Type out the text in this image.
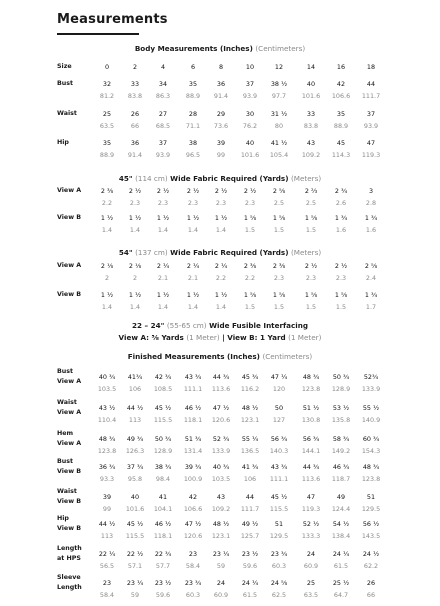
Measurements
Body Measurements (Inches) (Centimeters)
45" (114 cm) Wide Fabric Required (Yards) (Meters)
54" (137 cm) Wide Fabric Required (Yards) (Meters)
22 – 24" (55-65 cm) Wide Fusible Interfacing
View A: ⅝ Yards (1 Meter) | View B: 1 Yard (1 Meter)
Finished Measurements (Inches) (Centimeters)
Size	0	2	4	6	8	10	12	14	16	18
Bust	32	33	34	35	36	37	38 ½	40	42	44
81.2	83.8	86.3	88.9	91.4	93.9	97.7	101.6	106.6	111.7
Waist	25	26	27	28	29	30	31 ½	33	35	37
63.5	66	68.5	71.1	73.6	76.2	80	83.8	88.9	93.9
Hip	35	36	37	38	39	40	41 ½	43	45	47
88.9	91.4	93.9	96.5	99	101.6	105.4	109.2	114.3	119.3
View A	2 ⅜	2 ½	2 ½	2 ½	2 ½	2 ½	2 ⅝	2 ⅔	2 ¾	3
2.2	2.3	2.3	2.3	2.3	2.3	2.5	2.5	2.6	2.8
View B	1 ½	1 ½	1 ½	1 ½	1 ½	1 ⅝	1 ⅝	1 ⅝	1 ¾	1 ¾
1.4	1.4	1.4	1.4	1.4	1.5	1.5	1.5	1.6	1.6
View A	2 ⅛	2 ⅛	2 ¼	2 ¼	2 ¼	2 ⅜	2 ⅜	2 ½	2 ½	2 ⅝
2	2	2.1	2.1	2.2	2.2	2.3	2.3	2.3	2.4
View B	1 ½	1 ½	1 ½	1 ½	1 ½	1 ⅝	1 ⅝	1 ⅝	1 ⅝	1 ¾
1.4	1.4	1.4	1.4	1.4	1.5	1.5	1.5	1.5	1.7
Bust
View A
40 ¾	41¾	42 ¾	43 ¾	44 ¾	45 ¾	47 ¼	48 ¾	50 ¾	52¾
103.5	106	108.5	111.1	113.6	116.2	120	123.8	128.9	133.9
Waist
View A
43 ½	44 ½	45 ½	46 ½	47 ½	48 ½	50	51 ½	53 ½	55 ½
110.4	113	115.5	118.1	120.6	123.1	127	130.8	135.8	140.9
Hem
View A
48 ¾	49 ¾	50 ¾	51 ¾	52 ¾	55 ¼	56 ¾	56 ¾	58 ¾	60 ¾
123.8	126.3	128.9	131.4	133.9	136.5	140.3	144.1	149.2	154.3
Bust
View B
36 ¾	37 ¾	38 ¾	39 ¾	40 ¾	41 ¾	43 ¾	44 ¾	46 ¾	48 ¾
93.3	95.8	98.4	100.9	103.5	106	111.1	113.6	118.7	123.8
Waist
View B
39	40	41	42	43	44	45 ½	47	49	51
99	101.6	104.1	106.6	109.2	111.7	115.5	119.3	124.4	129.5
Hip
View B
44 ½	45 ½	46 ½	47 ½	48 ½	49 ½	51	52 ½	54 ½	56 ½
113	115.5	118.1	120.6	123.1	125.7	129.5	133.3	138.4	143.5
Length
at HPS
22 ¼	22 ½	22 ¾	23	23 ¼	23 ½	23 ¾	24	24 ¼	24 ½
56.5	57.1	57.7	58.4	59	59.6	60.3	60.9	61.5	62.2
Sleeve
Length
23	23 ¼	23 ½	23 ¾	24	24 ¼	24 ⅝	25	25 ½	26
58.4	59	59.6	60.3	60.9	61.5	62.5	63.5	64.7	66
